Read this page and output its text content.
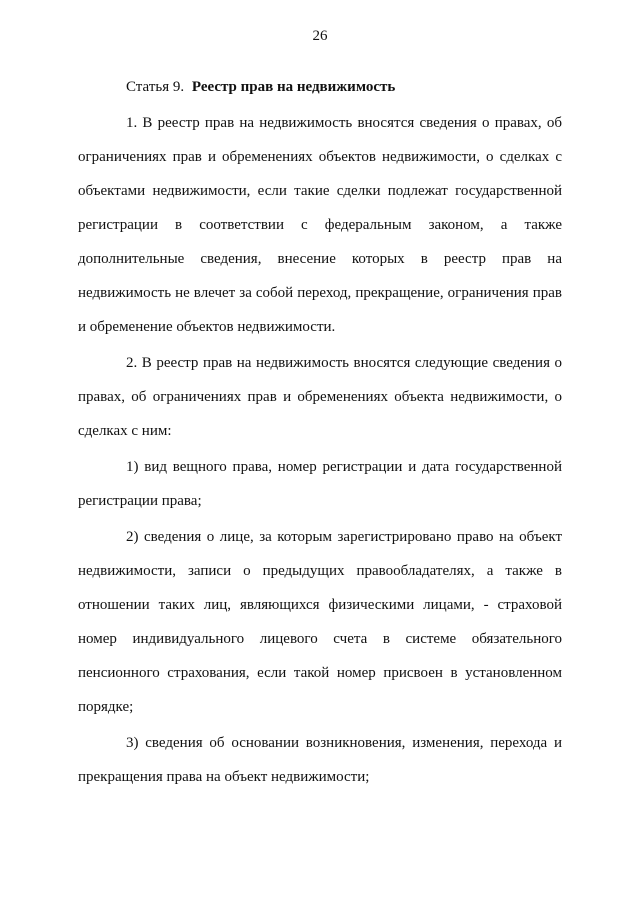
26

Статья 9. Реестр прав на недвижимость

1. В реестр прав на недвижимость вносятся сведения о правах, об ограничениях прав и обременениях объектов недвижимости, о сделках с объектами недвижимости, если такие сделки подлежат государственной регистрации в соответствии с федеральным законом, а также дополнительные сведения, внесение которых в реестр прав на недвижимость не влечет за собой переход, прекращение, ограничения прав и обременение объектов недвижимости.

2. В реестр прав на недвижимость вносятся следующие сведения о правах, об ограничениях прав и обременениях объекта недвижимости, о сделках с ним:

1) вид вещного права, номер регистрации и дата государственной регистрации права;

2) сведения о лице, за которым зарегистрировано право на объект недвижимости, записи о предыдущих правообладателях, а также в отношении таких лиц, являющихся физическими лицами, - страховой номер индивидуального лицевого счета в системе обязательного пенсионного страхования, если такой номер присвоен в установленном порядке;

3) сведения об основании возникновения, изменения, перехода и прекращения права на объект недвижимости;
